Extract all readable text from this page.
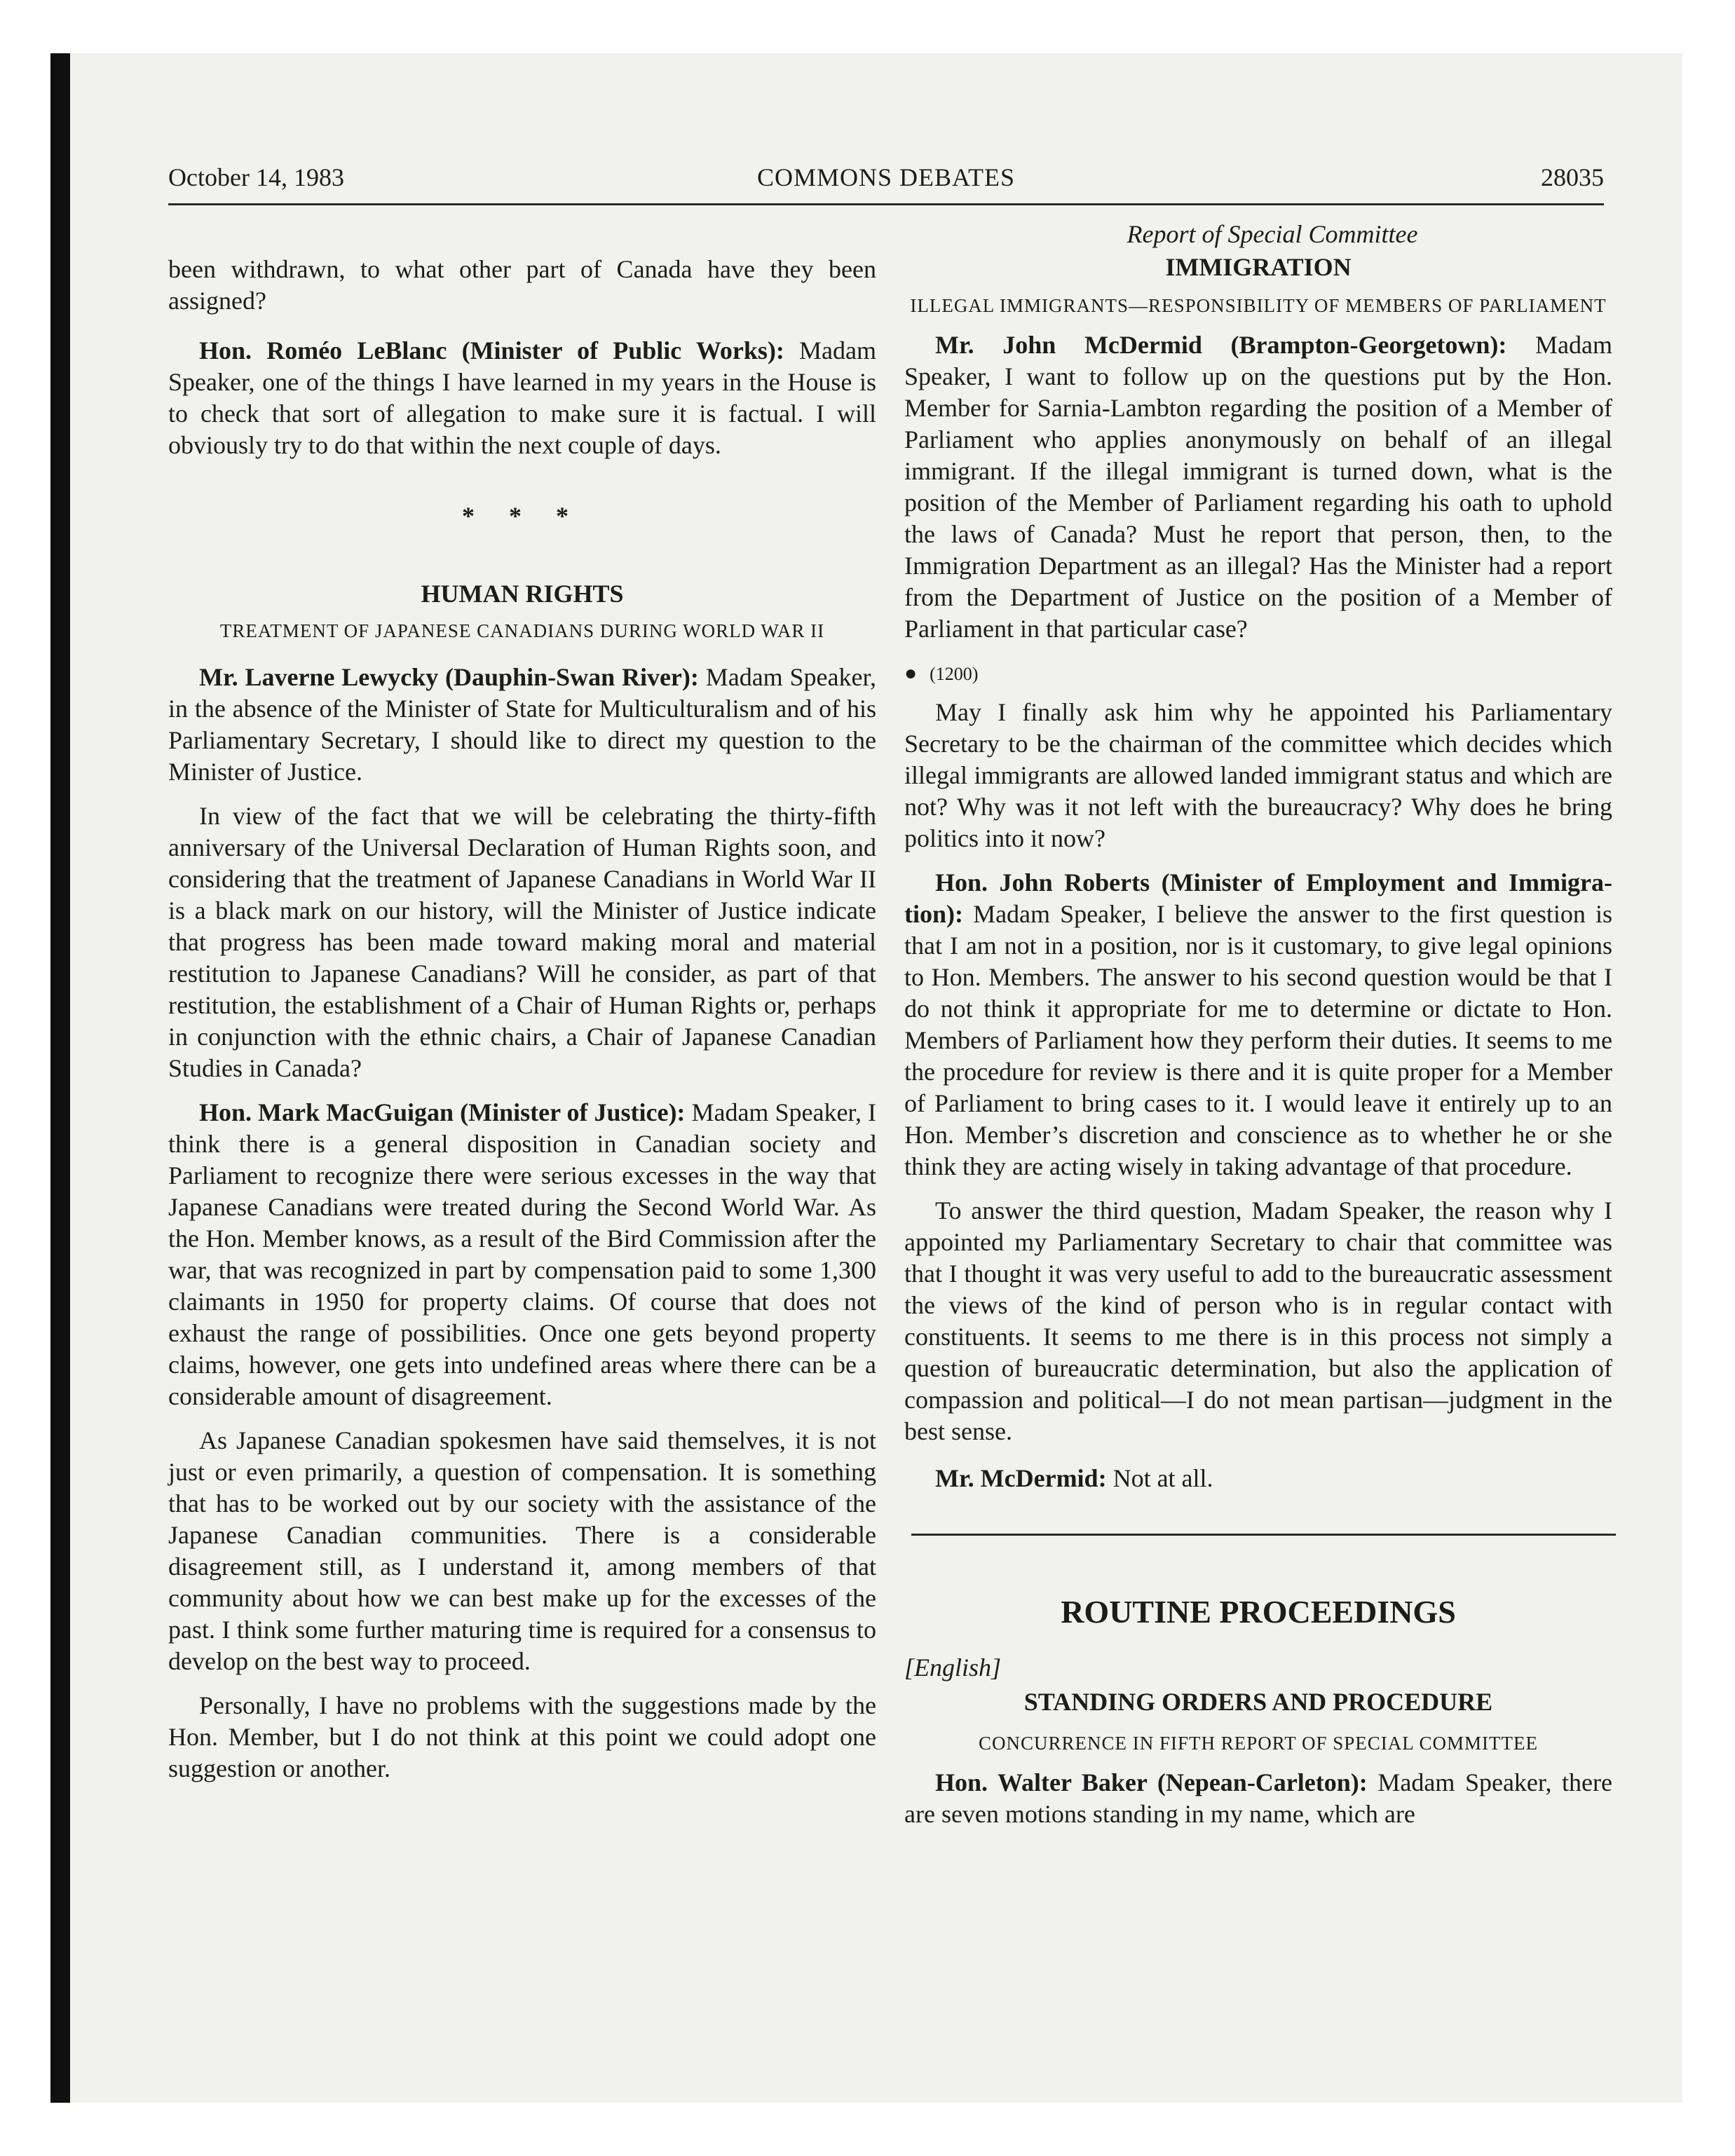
October 14, 1983	COMMONS DEBATES	28035

been withdrawn, to what other part of Canada have they been assigned?

Hon. Roméo LeBlanc (Minister of Public Works): Madam Speaker, one of the things I have learned in my years in the House is to check that sort of allegation to make sure it is factual. I will obviously try to do that within the next couple of days.

* * *

HUMAN RIGHTS

TREATMENT OF JAPANESE CANADIANS DURING WORLD WAR II

Mr. Laverne Lewycky (Dauphin-Swan River): Madam Speaker, in the absence of the Minister of State for Multiculturalism and of his Parliamentary Secretary, I should like to direct my question to the Minister of Justice.

In view of the fact that we will be celebrating the thirty-fifth anniversary of the Universal Declaration of Human Rights soon, and considering that the treatment of Japanese Canadians in World War II is a black mark on our history, will the Minister of Justice indicate that progress has been made toward making moral and material restitution to Japanese Canadians? Will he consider, as part of that restitution, the establishment of a Chair of Human Rights or, perhaps in conjunction with the ethnic chairs, a Chair of Japanese Canadian Studies in Canada?

Hon. Mark MacGuigan (Minister of Justice): Madam Speaker, I think there is a general disposition in Canadian society and Parliament to recognize there were serious excesses in the way that Japanese Canadians were treated during the Second World War. As the Hon. Member knows, as a result of the Bird Commission after the war, that was recognized in part by compensation paid to some 1,300 claimants in 1950 for property claims. Of course that does not exhaust the range of possibilities. Once one gets beyond property claims, however, one gets into undefined areas where there can be a considerable amount of disagreement.

As Japanese Canadian spokesmen have said themselves, it is not just or even primarily, a question of compensation. It is something that has to be worked out by our society with the assistance of the Japanese Canadian communities. There is a considerable disagreement still, as I understand it, among members of that community about how we can best make up for the excesses of the past. I think some further maturing time is required for a consensus to develop on the best way to proceed.

Personally, I have no problems with the suggestions made by the Hon. Member, but I do not think at this point we could adopt one suggestion or another.

Report of Special Committee

IMMIGRATION

ILLEGAL IMMIGRANTS—RESPONSIBILITY OF MEMBERS OF PARLIAMENT

Mr. John McDermid (Brampton-Georgetown): Madam Speaker, I want to follow up on the questions put by the Hon. Member for Sarnia-Lambton regarding the position of a Member of Parliament who applies anonymously on behalf of an illegal immigrant. If the illegal immigrant is turned down, what is the position of the Member of Parliament regarding his oath to uphold the laws of Canada? Must he report that person, then, to the Immigration Department as an illegal? Has the Minister had a report from the Department of Justice on the position of a Member of Parliament in that particular case?

● (1200)

May I finally ask him why he appointed his Parliamentary Secretary to be the chairman of the committee which decides which illegal immigrants are allowed landed immigrant status and which are not? Why was it not left with the bureaucracy? Why does he bring politics into it now?

Hon. John Roberts (Minister of Employment and Immigration): Madam Speaker, I believe the answer to the first question is that I am not in a position, nor is it customary, to give legal opinions to Hon. Members. The answer to his second question would be that I do not think it appropriate for me to determine or dictate to Hon. Members of Parliament how they perform their duties. It seems to me the procedure for review is there and it is quite proper for a Member of Parliament to bring cases to it. I would leave it entirely up to an Hon. Member’s discretion and conscience as to whether he or she think they are acting wisely in taking advantage of that procedure.

To answer the third question, Madam Speaker, the reason why I appointed my Parliamentary Secretary to chair that committee was that I thought it was very useful to add to the bureaucratic assessment the views of the kind of person who is in regular contact with constituents. It seems to me there is in this process not simply a question of bureaucratic determination, but also the application of compassion and political—I do not mean partisan—judgment in the best sense.

Mr. McDermid: Not at all.

ROUTINE PROCEEDINGS

[English]

STANDING ORDERS AND PROCEDURE

CONCURRENCE IN FIFTH REPORT OF SPECIAL COMMITTEE

Hon. Walter Baker (Nepean-Carleton): Madam Speaker, there are seven motions standing in my name, which are
